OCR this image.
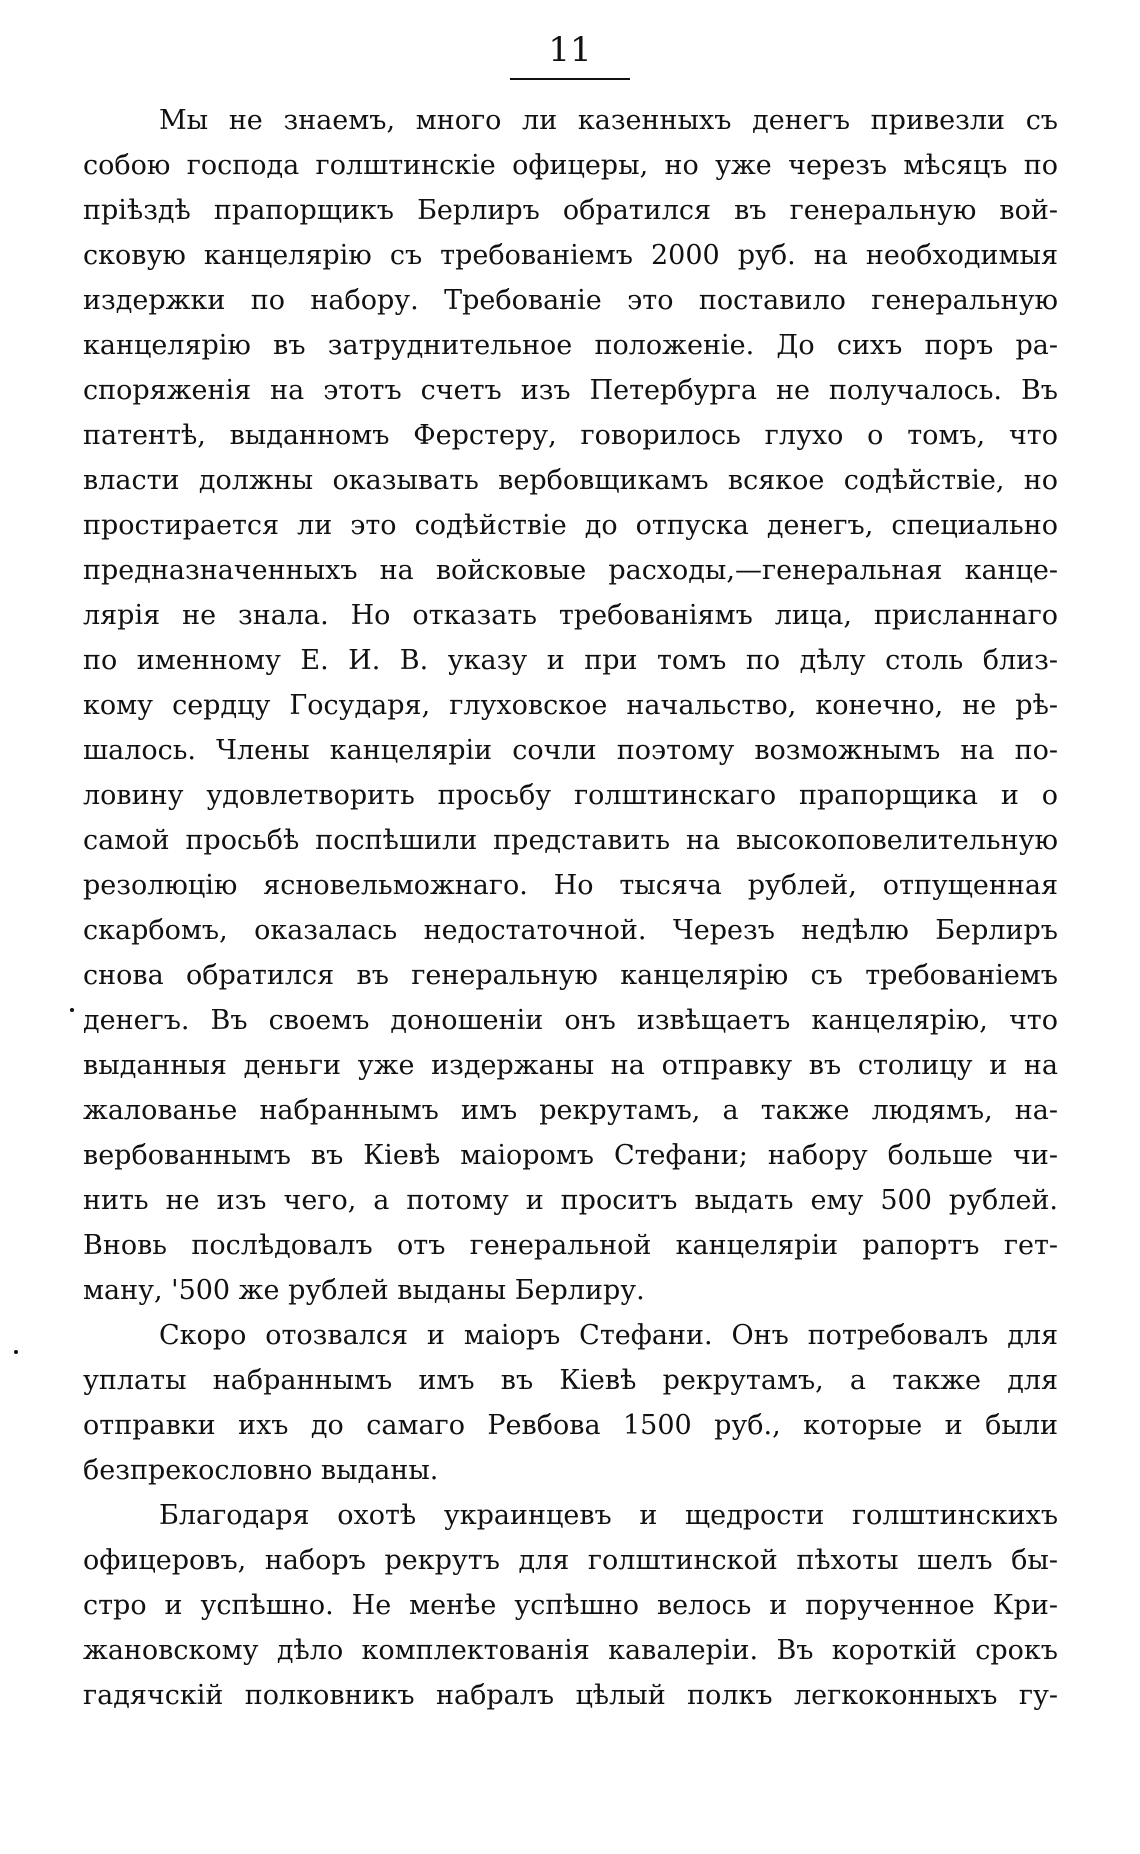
11
Мы не знаемъ, много ли казенныхъ денегъ привезли съ
собою господа голштинскіе офицеры, но уже черезъ мѣсяцъ по
пріѣздѣ прапорщикъ Берлиръ обратился въ генеральную вой-
сковую канцелярію съ требованіемъ 2000 руб. на необходимыя
издержки по набору. Требованіе это поставило генеральную
канцелярію въ затруднительное положеніе. До сихъ поръ ра-
споряженія на этотъ счетъ изъ Петербурга не получалось. Въ
патентѣ, выданномъ Ферстеру, говорилось глухо о томъ, что
власти должны оказывать вербовщикамъ всякое содѣйствіе, но
простирается ли это содѣйствіе до отпуска денегъ, специально
предназначенныхъ на войсковые расходы,—генеральная канце-
лярія не знала. Но отказать требованіямъ лица, присланнаго
по именному Е. И. В. указу и при томъ по дѣлу столь близ-
кому сердцу Государя, глуховское начальство, конечно, не рѣ-
шалось. Члены канцеляріи сочли поэтому возможнымъ на по-
ловину удовлетворить просьбу голштинскаго прапорщика и о
самой просьбѣ поспѣшили представить на высокоповелительную
резолюцію ясновельможнаго. Но тысяча рублей, отпущенная
скарбомъ, оказалась недостаточной. Черезъ недѣлю Берлиръ
снова обратился въ генеральную канцелярію съ требованіемъ
денегъ. Въ своемъ доношеніи онъ извѣщаетъ канцелярію, что
выданныя деньги уже издержаны на отправку въ столицу и на
жалованье набраннымъ имъ рекрутамъ, а также людямъ, на-
вербованнымъ въ Кіевѣ маіоромъ Стефани; набору больше чи-
нить не изъ чего, а потому и проситъ выдать ему 500 рублей.
Вновь послѣдовалъ отъ генеральной канцеляріи рапортъ гет-
ману, '500 же рублей выданы Берлиру.
Скоро отозвался и маіоръ Стефани. Онъ потребовалъ для
уплаты набраннымъ имъ въ Кіевѣ рекрутамъ, а также для
отправки ихъ до самаго Ревбова 1500 руб., которые и были
безпрекословно выданы.
Благодаря охотѣ украинцевъ и щедрости голштинскихъ
офицеровъ, наборъ рекрутъ для голштинской пѣхоты шелъ бы-
стро и успѣшно. Не менѣе успѣшно велось и порученное Кри-
жановскому дѣло комплектованія кавалеріи. Въ короткій срокъ
гадячскій полковникъ набралъ цѣлый полкъ легкоконныхъ гу-
